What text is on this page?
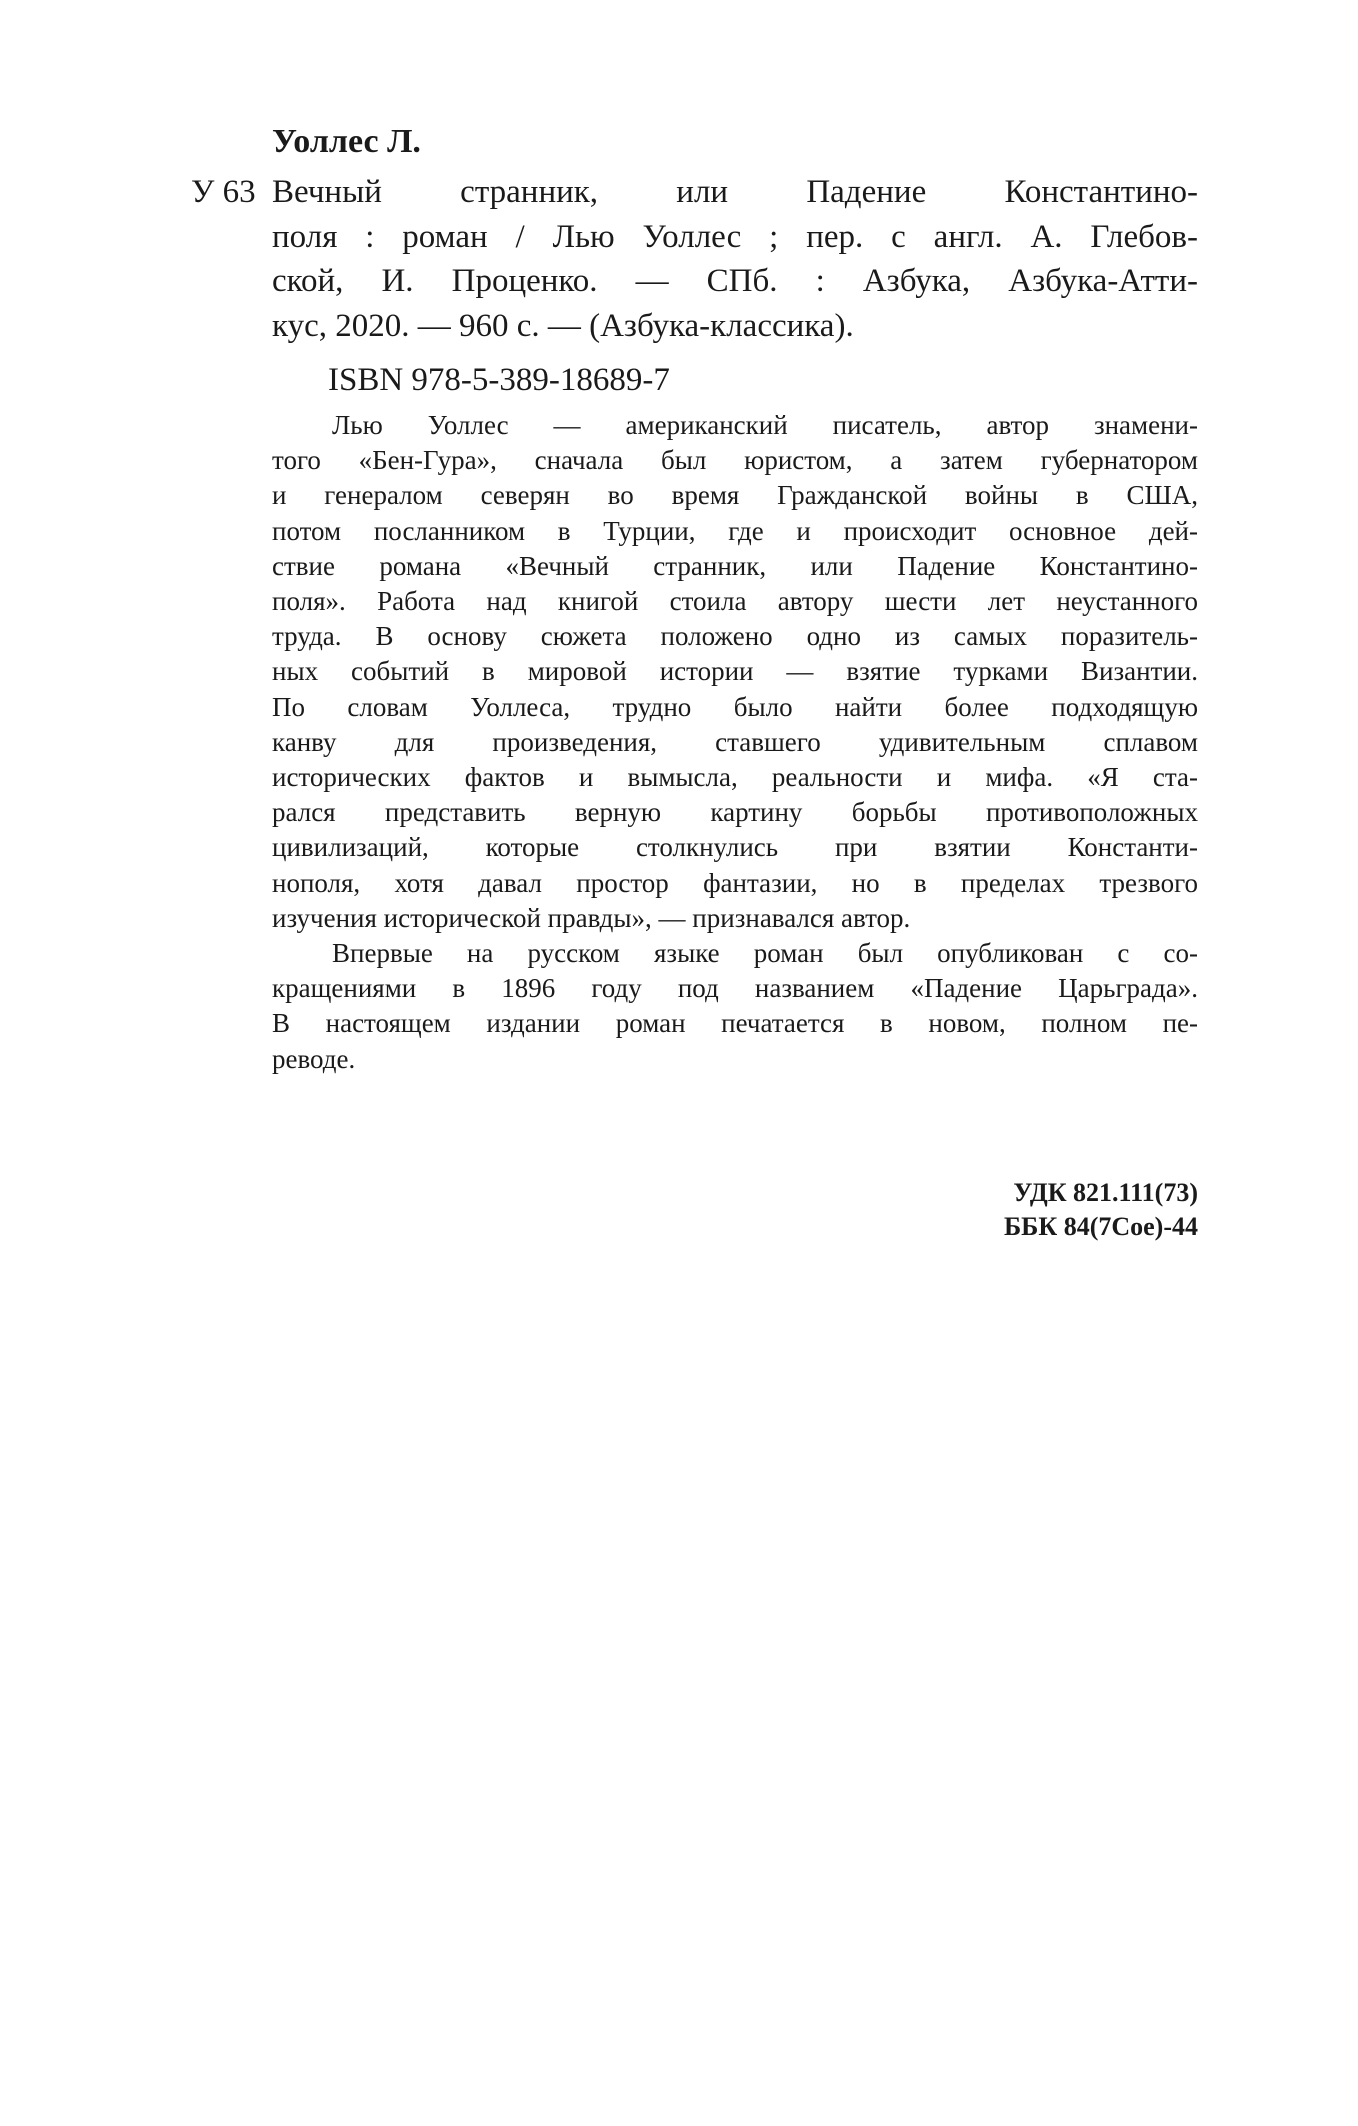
Уоллес Л.
У 63 Вечный странник, или Падение Константино-
поля : роман / Лью Уоллес ; пер. с англ. А. Глебов-
ской, И. Проценко. — СПб. : Азбука, Азбука-Атти-
кус, 2020. — 960 с. — (Азбука-классика).
ISBN 978-5-389-18689-7
Лью Уоллес — американский писатель, автор знамени-
того «Бен-Гура», сначала был юристом, а затем губернатором
и генералом северян во время Гражданской войны в США,
потом посланником в Турции, где и происходит основное дей-
ствие романа «Вечный странник, или Падение Константино-
поля». Работа над книгой стоила автору шести лет неустанного
труда. В основу сюжета положено одно из самых поразитель-
ных событий в мировой истории — взятие турками Византии.
По словам Уоллеса, трудно было найти более подходящую
канву для произведения, ставшего удивительным сплавом
исторических фактов и вымысла, реальности и мифа. «Я ста-
рался представить верную картину борьбы противоположных
цивилизаций, которые столкнулись при взятии Константи-
нополя, хотя давал простор фантазии, но в пределах трезвого
изучения исторической правды», — признавался автор.
Впервые на русском языке роман был опубликован с со-
кращениями в 1896 году под названием «Падение Царьграда».
В настоящем издании роман печатается в новом, полном пе-
реводе.
УДК 821.111(73)
ББК 84(7Сое)-44
